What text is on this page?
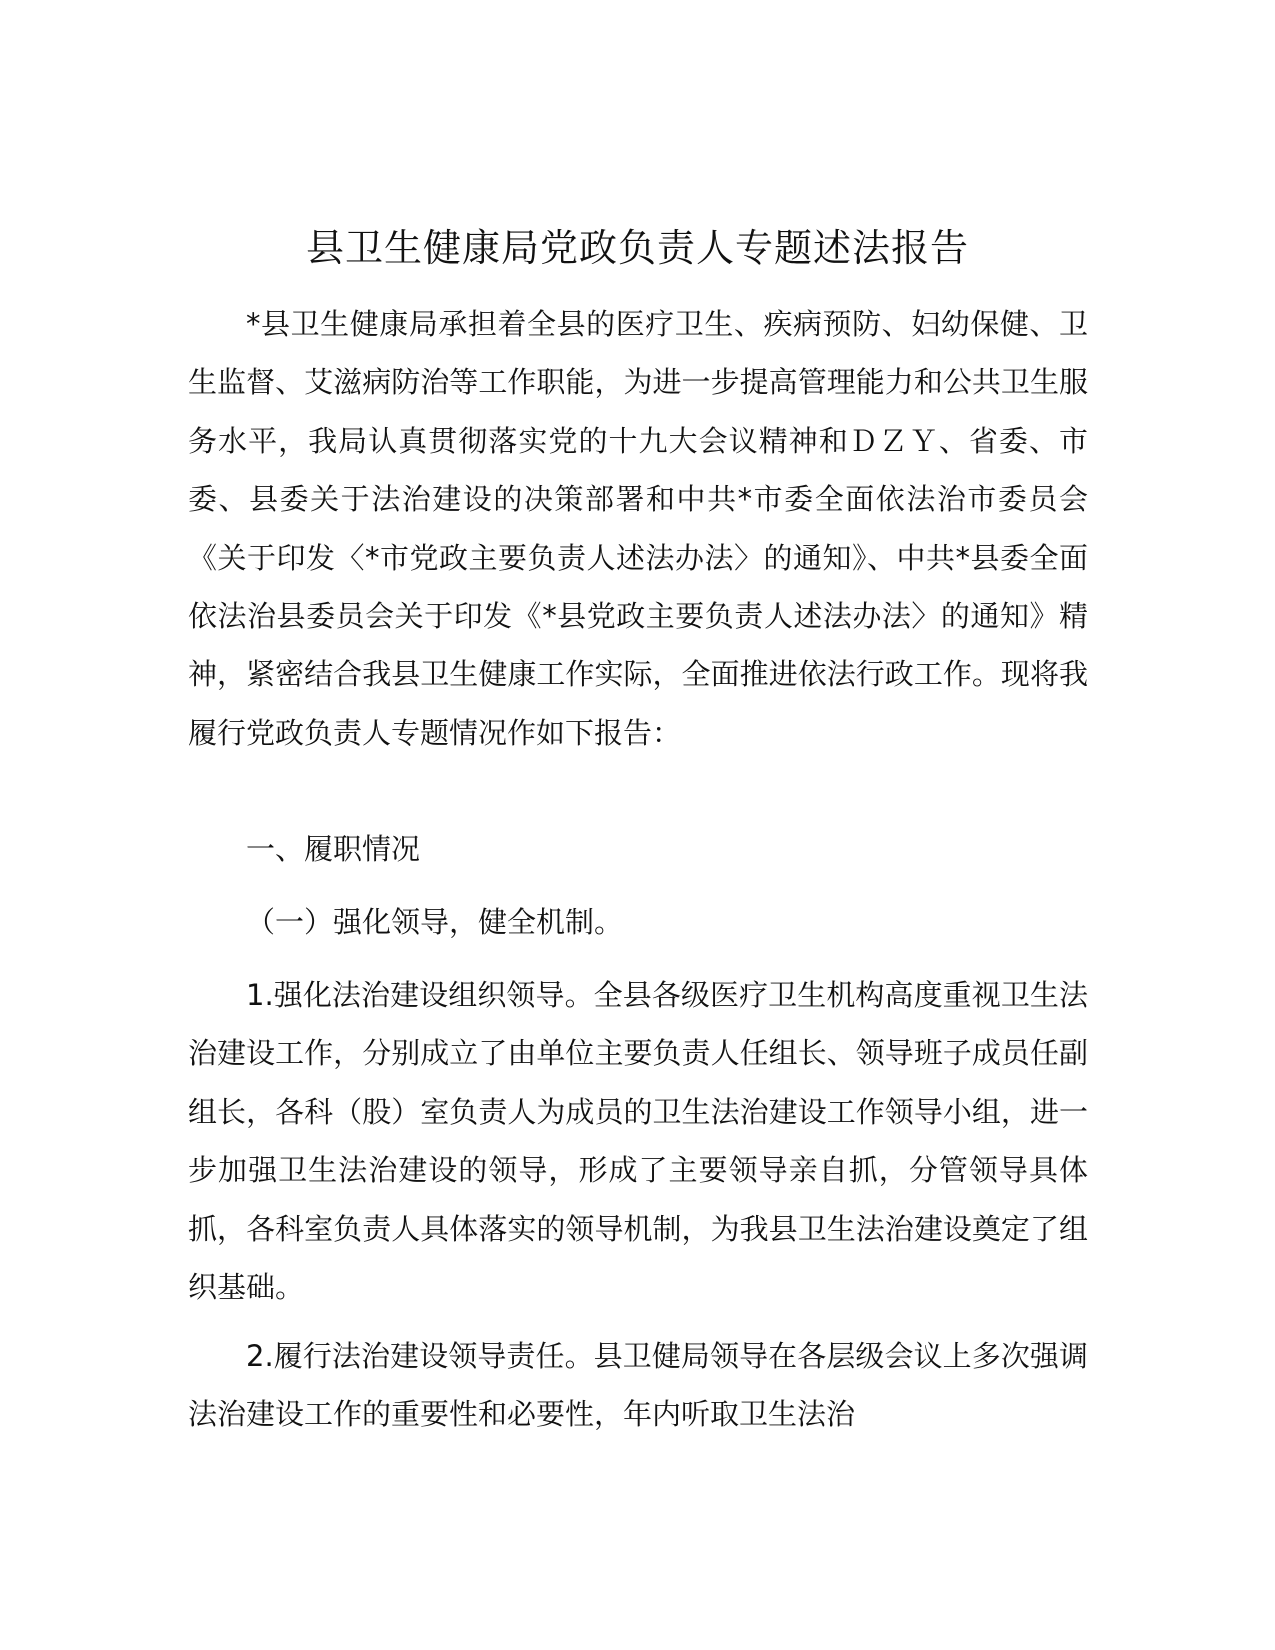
县卫生健康局党政负责人专题述法报告

*县卫生健康局承担着全县的医疗卫生、疾病预防、妇幼保健、卫生监督、艾滋病防治等工作职能，为进一步提高管理能力和公共卫生服务水平，我局认真贯彻落实党的十九大会议精神和ＤＺＹ、省委、市委、县委关于法治建设的决策部署和中共*市委全面依法治市委员会《关于印发〈*市党政主要负责人述法办法〉的通知》、中共*县委全面依法治县委员会关于印发《*县党政主要负责人述法办法〉的通知》精神，紧密结合我县卫生健康工作实际，全面推进依法行政工作。现将我履行党政负责人专题情况作如下报告：

一、履职情况

（一）强化领导，健全机制。

1.强化法治建设组织领导。全县各级医疗卫生机构高度重视卫生法治建设工作，分别成立了由单位主要负责人任组长、领导班子成员任副组长，各科（股）室负责人为成员的卫生法治建设工作领导小组，进一步加强卫生法治建设的领导，形成了主要领导亲自抓，分管领导具体抓，各科室负责人具体落实的领导机制，为我县卫生法治建设奠定了组织基础。

2.履行法治建设领导责任。县卫健局领导在各层级会议上多次强调法治建设工作的重要性和必要性，年内听取卫生法治
